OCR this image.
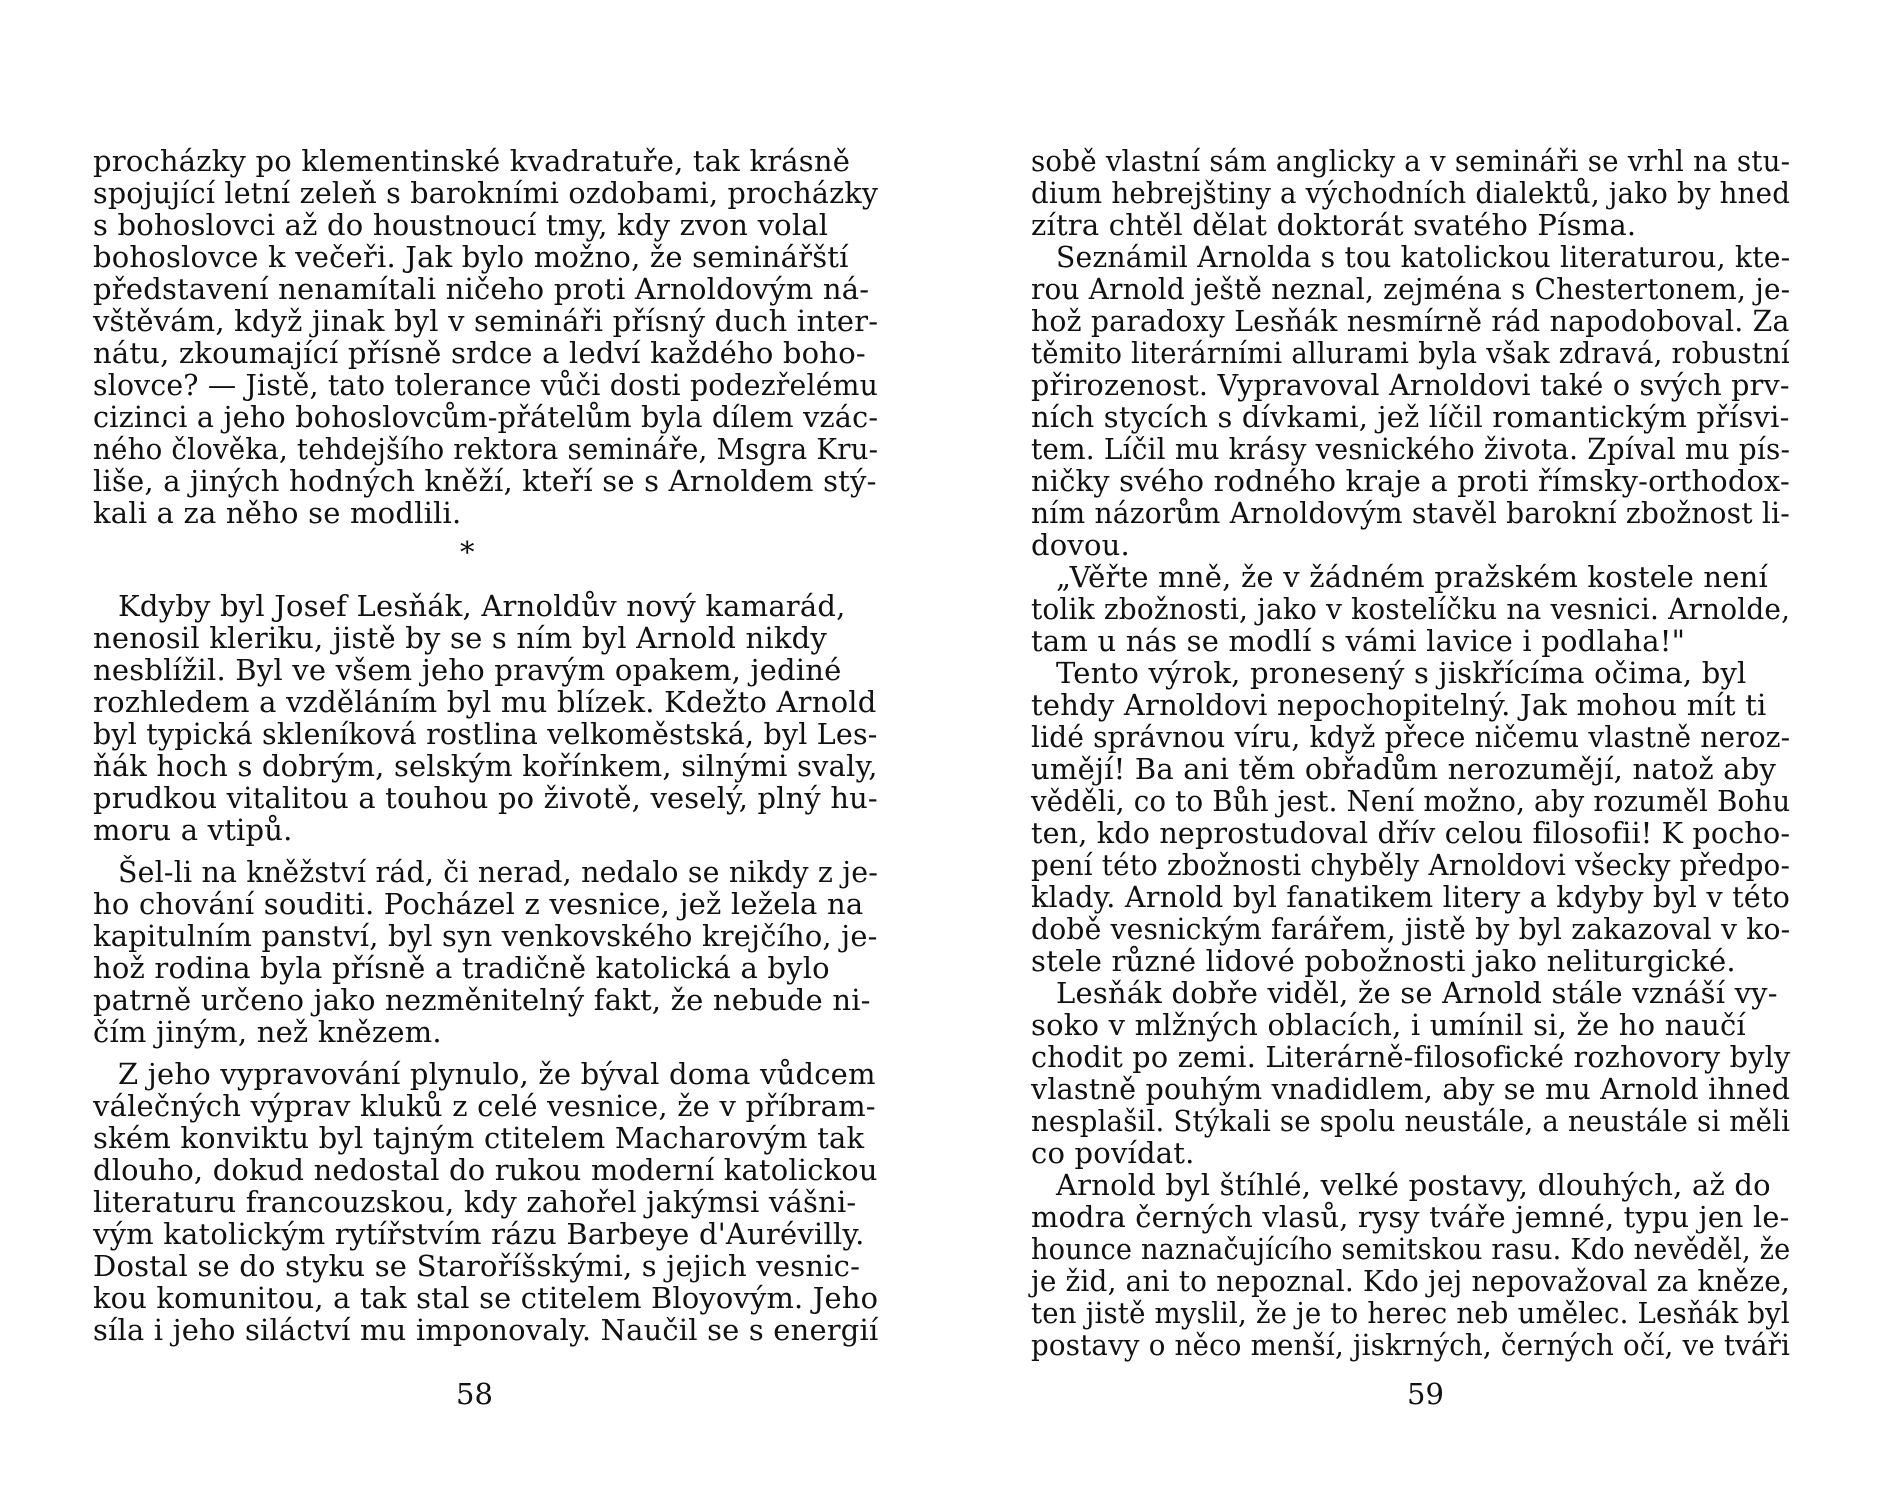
procházky po klementinské kvadratuře, tak krásně
spojující letní zeleň s barokními ozdobami, procházky
s bohoslovci až do houstnoucí tmy, kdy zvon volal
bohoslovce k večeři. Jak bylo možno, že seminářští
představení nenamítali ničeho proti Arnoldovým ná-
vštěvám, když jinak byl v semináři přísný duch inter-
nátu, zkoumající přísně srdce a ledví každého boho-
slovce? — Jistě, tato tolerance vůči dosti podezřelému
cizinci a jeho bohoslovcům-přátelům byla dílem vzác-
ného člověka, tehdejšího rektora semináře, Msgra Kru-
liše, a jiných hodných kněží, kteří se s Arnoldem stý-
kali a za něho se modlili.
*
Kdyby byl Josef Lesňák, Arnoldův nový kamarád,
nenosil kleriku, jistě by se s ním byl Arnold nikdy
nesblížil. Byl ve všem jeho pravým opakem, jediné
rozhledem a vzděláním byl mu blízek. Kdežto Arnold
byl typická skleníková rostlina velkoměstská, byl Les-
ňák hoch s dobrým, selským kořínkem, silnými svaly,
prudkou vitalitou a touhou po životě, veselý, plný hu-
moru a vtipů.
Šel-li na kněžství rád, či nerad, nedalo se nikdy z je-
ho chování souditi. Pocházel z vesnice, jež ležela na
kapitulním panství, byl syn venkovského krejčího, je-
hož rodina byla přísně a tradičně katolická a bylo
patrně určeno jako nezměnitelný fakt, že nebude ni-
čím jiným, než knězem.
Z jeho vypravování plynulo, že býval doma vůdcem
válečných výprav kluků z celé vesnice, že v příbram-
ském konviktu byl tajným ctitelem Macharovým tak
dlouho, dokud nedostal do rukou moderní katolickou
literaturu francouzskou, kdy zahořel jakýmsi vášni-
vým katolickým rytířstvím rázu Barbeye d'Aurévilly.
Dostal se do styku se Staroříšskými, s jejich vesnic-
kou komunitou, a tak stal se ctitelem Bloyovým. Jeho
síla i jeho siláctví mu imponovaly. Naučil se s energií
58
sobě vlastní sám anglicky a v semináři se vrhl na stu-
dium hebrejštiny a východních dialektů, jako by hned
zítra chtěl dělat doktorát svatého Písma.
Seznámil Arnolda s tou katolickou literaturou, kte-
rou Arnold ještě neznal, zejména s Chestertonem, je-
hož paradoxy Lesňák nesmírně rád napodoboval. Za
těmito literárními allurami byla však zdravá, robustní
přirozenost. Vypravoval Arnoldovi také o svých prv-
ních stycích s dívkami, jež líčil romantickým přísvi-
tem. Líčil mu krásy vesnického života. Zpíval mu pís-
ničky svého rodného kraje a proti římsky-orthodox-
ním názorům Arnoldovým stavěl barokní zbožnost li-
dovou.
„Věřte mně, že v žádném pražském kostele není
tolik zbožnosti, jako v kostelíčku na vesnici. Arnolde,
tam u nás se modlí s vámi lavice i podlaha!"
Tento výrok, pronesený s jiskřícíma očima, byl
tehdy Arnoldovi nepochopitelný. Jak mohou mít ti
lidé správnou víru, když přece ničemu vlastně neroz-
umějí! Ba ani těm obřadům nerozumějí, natož aby
věděli, co to Bůh jest. Není možno, aby rozuměl Bohu
ten, kdo neprostudoval dřív celou filosofii! K pocho-
pení této zbožnosti chyběly Arnoldovi všecky předpo-
klady. Arnold byl fanatikem litery a kdyby byl v této
době vesnickým farářem, jistě by byl zakazoval v ko-
stele různé lidové pobožnosti jako neliturgické.
Lesňák dobře viděl, že se Arnold stále vznáší vy-
soko v mlžných oblacích, i umínil si, že ho naučí
chodit po zemi. Literárně-filosofické rozhovory byly
vlastně pouhým vnadidlem, aby se mu Arnold ihned
nesplašil. Stýkali se spolu neustále, a neustále si měli
co povídat.
Arnold byl štíhlé, velké postavy, dlouhých, až do
modra černých vlasů, rysy tváře jemné, typu jen le-
hounce naznačujícího semitskou rasu. Kdo nevěděl, že
je žid, ani to nepoznal. Kdo jej nepovažoval za kněze,
ten jistě myslil, že je to herec neb umělec. Lesňák byl
postavy o něco menší, jiskrných, černých očí, ve tváři
59
